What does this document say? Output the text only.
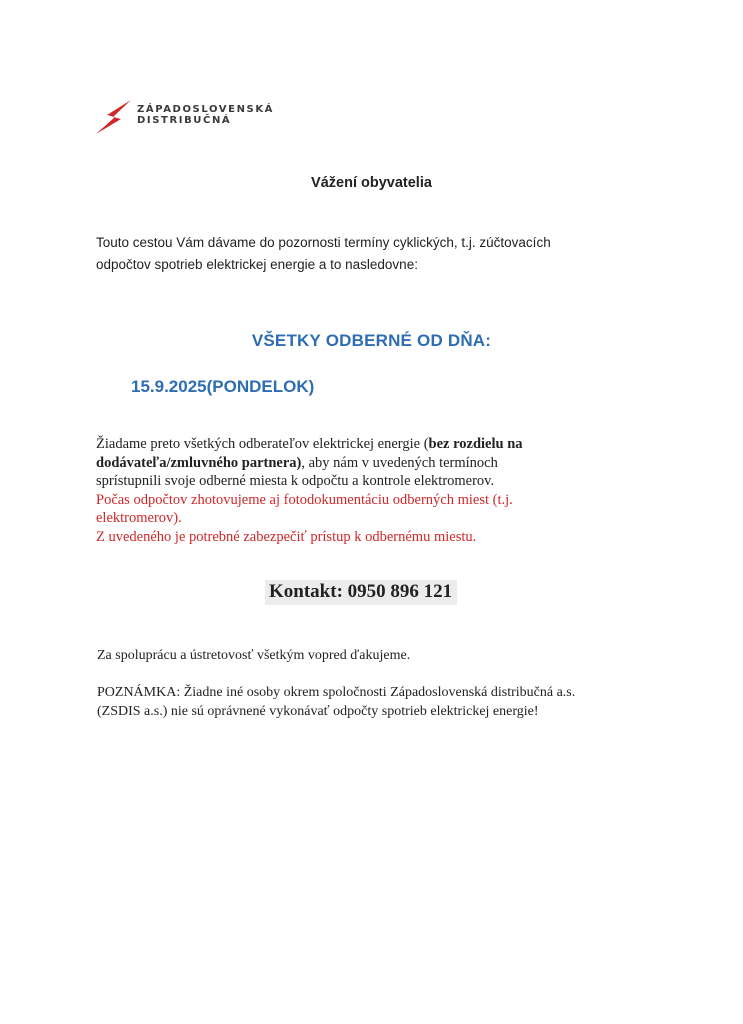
ZÁPADOSLOVENSKÁ
DISTRIBUČNÁ
Vážení obyvatelia

Touto cestou Vám dávame do pozornosti termíny cyklických, t.j. zúčtovacích

odpočtov spotrieb elektrickej energie a to nasledovne:

VŠETKY ODBERNÉ OD DŇA:
15.9.2025(PONDELOK)

Žiadame preto všetkých odberateľov elektrickej energie (bez rozdielu na

dodávateľa/zmluvného partnera), aby nám v uvedených termínoch

sprístupnili svoje odberné miesta k odpočtu a kontrole elektromerov.

Počas odpočtov zhotovujeme aj fotodokumentáciu odberných miest (t.j.

elektromerov).

Z uvedeného je potrebné zabezpečiť prístup k odbernému miestu.

Kontakt: 0950 896 121
Za spoluprácu a ústretovosť všetkým vopred ďakujeme.

POZNÁMKA: Žiadne iné osoby okrem spoločnosti Západoslovenská distribučná a.s.

(ZSDIS a.s.) nie sú oprávnené vykonávať odpočty spotrieb elektrickej energie!
